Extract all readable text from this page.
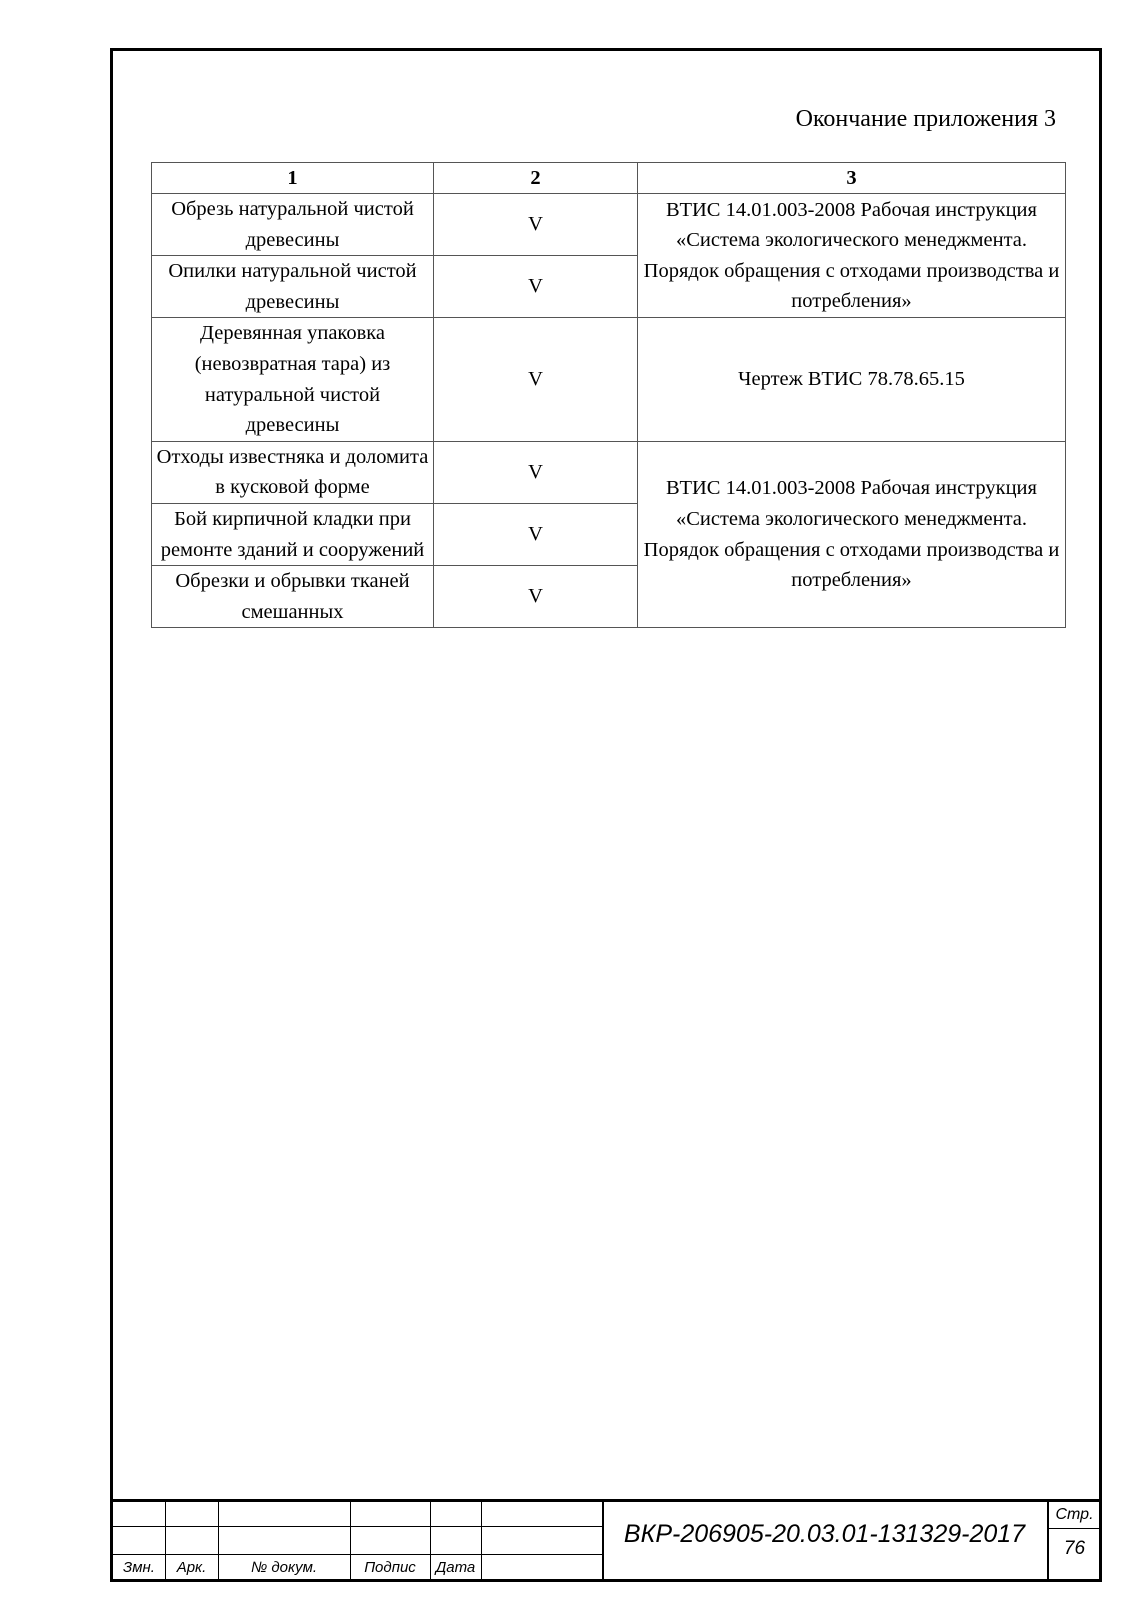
Окончание приложения 3
1	2	3
Обрезь натуральной чистой древесины	V	ВТИС 14.01.003-2008 Рабочая инструкция «Система экологического менеджмента. Порядок обращения с отходами производства и потребления»
Опилки натуральной чистой древесины	V	
Деревянная упаковка (невозвратная тара) из натуральной чистой древесины	V	Чертеж ВТИС 78.78.65.15
Отходы известняка и доломита в кусковой форме	V	ВТИС 14.01.003-2008 Рабочая инструкция «Система экологического менеджмента. Порядок обращения с отходами производства и потребления»
Бой кирпичной кладки при ремонте зданий и сооружений	V	
Обрезки и обрывки тканей смешанных	V	
Змн.	Арк.	№ докум.	Подпис	Дата
ВКР-206905-20.03.01-131329-2017
Стр.
76
